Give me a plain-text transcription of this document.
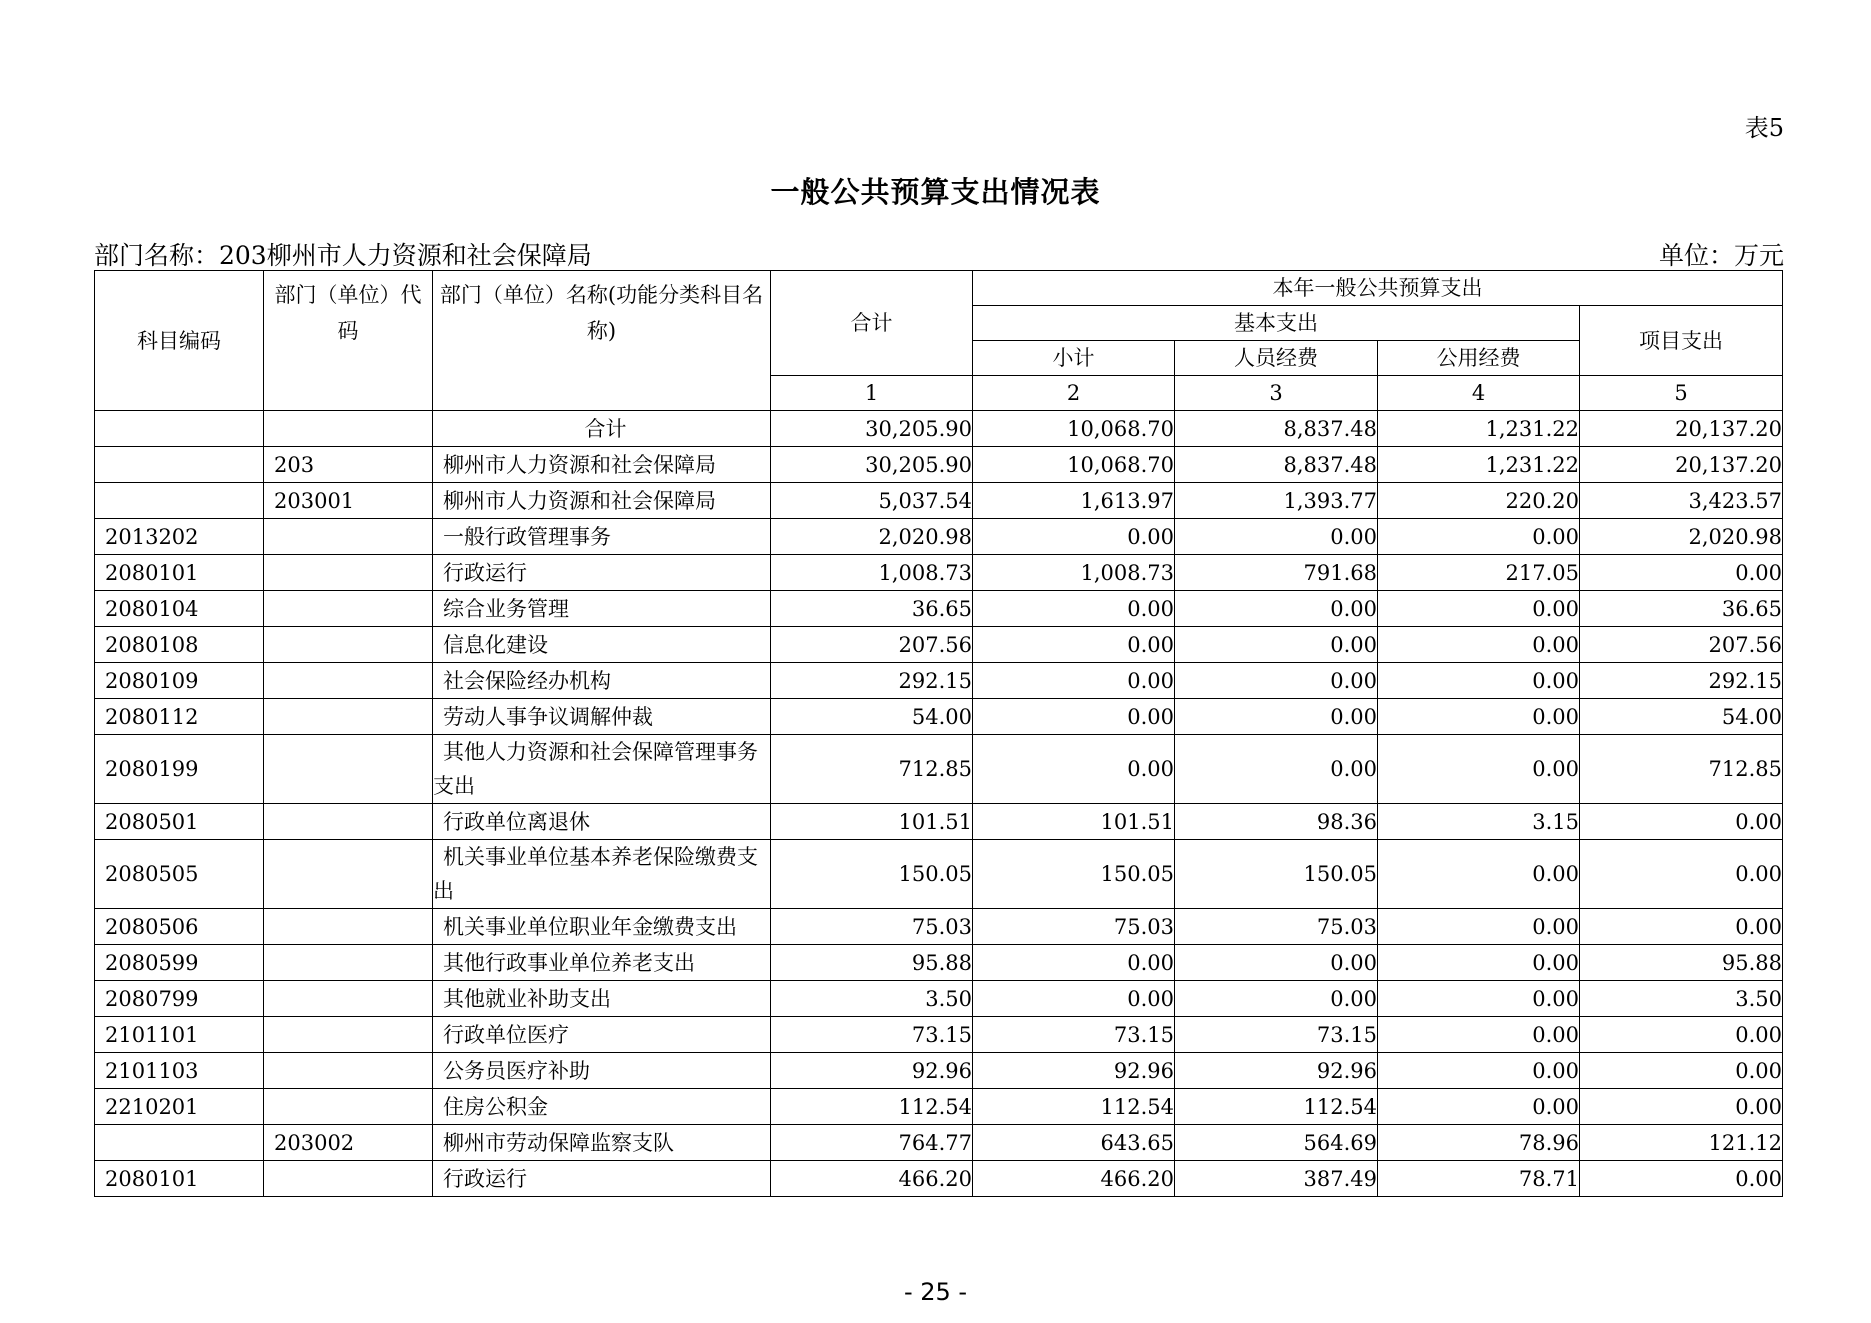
表5
一般公共预算支出情况表
部门名称：203柳州市人力资源和社会保障局	单位：万元
科目编码	部门（单位）代码	部门（单位）名称(功能分类科目名称)	合计	本年一般公共预算支出			
				基本支出			项目支出
				小计	人员经费	公用经费	
			1	2	3	4	5
		合计	30,205.90	10,068.70	8,837.48	1,231.22	20,137.20
	203	柳州市人力资源和社会保障局	30,205.90	10,068.70	8,837.48	1,231.22	20,137.20
	203001	柳州市人力资源和社会保障局	5,037.54	1,613.97	1,393.77	220.20	3,423.57
2013202		一般行政管理事务	2,020.98	0.00	0.00	0.00	2,020.98
2080101		行政运行	1,008.73	1,008.73	791.68	217.05	0.00
2080104		综合业务管理	36.65	0.00	0.00	0.00	36.65
2080108		信息化建设	207.56	0.00	0.00	0.00	207.56
2080109		社会保险经办机构	292.15	0.00	0.00	0.00	292.15
2080112		劳动人事争议调解仲裁	54.00	0.00	0.00	0.00	54.00
2080199		其他人力资源和社会保障管理事务支出	712.85	0.00	0.00	0.00	712.85
2080501		行政单位离退休	101.51	101.51	98.36	3.15	0.00
2080505		机关事业单位基本养老保险缴费支出	150.05	150.05	150.05	0.00	0.00
2080506		机关事业单位职业年金缴费支出	75.03	75.03	75.03	0.00	0.00
2080599		其他行政事业单位养老支出	95.88	0.00	0.00	0.00	95.88
2080799		其他就业补助支出	3.50	0.00	0.00	0.00	3.50
2101101		行政单位医疗	73.15	73.15	73.15	0.00	0.00
2101103		公务员医疗补助	92.96	92.96	92.96	0.00	0.00
2210201		住房公积金	112.54	112.54	112.54	0.00	0.00
	203002	柳州市劳动保障监察支队	764.77	643.65	564.69	78.96	121.12
2080101		行政运行	466.20	466.20	387.49	78.71	0.00
- 25 -
